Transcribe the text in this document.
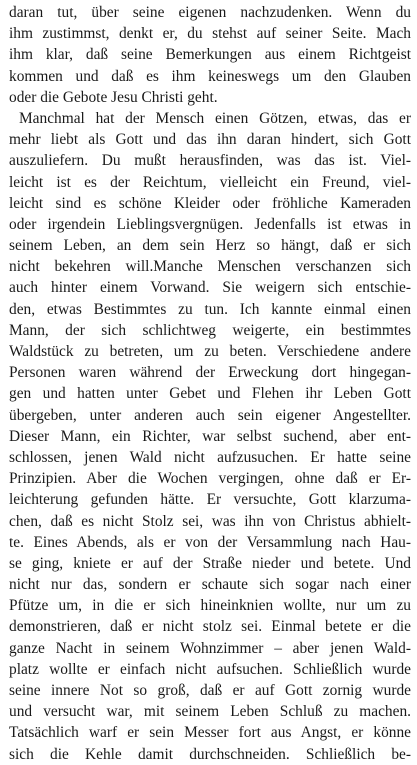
daran tut, über seine eigenen nachzudenken. Wenn du
ihm zustimmst, denkt er, du stehst auf seiner Seite. Mach
ihm klar, daß seine Bemerkungen aus einem Richtgeist
kommen und daß es ihm keineswegs um den Glauben
oder die Gebote Jesu Christi geht.
Manchmal hat der Mensch einen Götzen, etwas, das er
mehr liebt als Gott und das ihn daran hindert, sich Gott
auszuliefern. Du mußt herausfinden, was das ist. Viel-
leicht ist es der Reichtum, vielleicht ein Freund, viel-
leicht sind es schöne Kleider oder fröhliche Kameraden
oder irgendein Lieblingsvergnügen. Jedenfalls ist etwas in
seinem Leben, an dem sein Herz so hängt, daß er sich
nicht bekehren will.Manche Menschen verschanzen sich
auch hinter einem Vorwand. Sie weigern sich entschie-
den, etwas Bestimmtes zu tun. Ich kannte einmal einen
Mann, der sich schlichtweg weigerte, ein bestimmtes
Waldstück zu betreten, um zu beten. Verschiedene andere
Personen waren während der Erweckung dort hingegan-
gen und hatten unter Gebet und Flehen ihr Leben Gott
übergeben, unter anderen auch sein eigener Angestellter.
Dieser Mann, ein Richter, war selbst suchend, aber ent-
schlossen, jenen Wald nicht aufzusuchen. Er hatte seine
Prinzipien. Aber die Wochen vergingen, ohne daß er Er-
leichterung gefunden hätte. Er versuchte, Gott klarzuma-
chen, daß es nicht Stolz sei, was ihn von Christus abhielt-
te. Eines Abends, als er von der Versammlung nach Hau-
se ging, kniete er auf der Straße nieder und betete. Und
nicht nur das, sondern er schaute sich sogar nach einer
Pfütze um, in die er sich hineinknien wollte, nur um zu
demonstrieren, daß er nicht stolz sei. Einmal betete er die
ganze Nacht in seinem Wohnzimmer – aber jenen Wald-
platz wollte er einfach nicht aufsuchen. Schließlich wurde
seine innere Not so groß, daß er auf Gott zornig wurde
und versucht war, mit seinem Leben Schluß zu machen.
Tatsächlich warf er sein Messer fort aus Angst, er könne
sich die Kehle damit durchschneiden. Schließlich be-
